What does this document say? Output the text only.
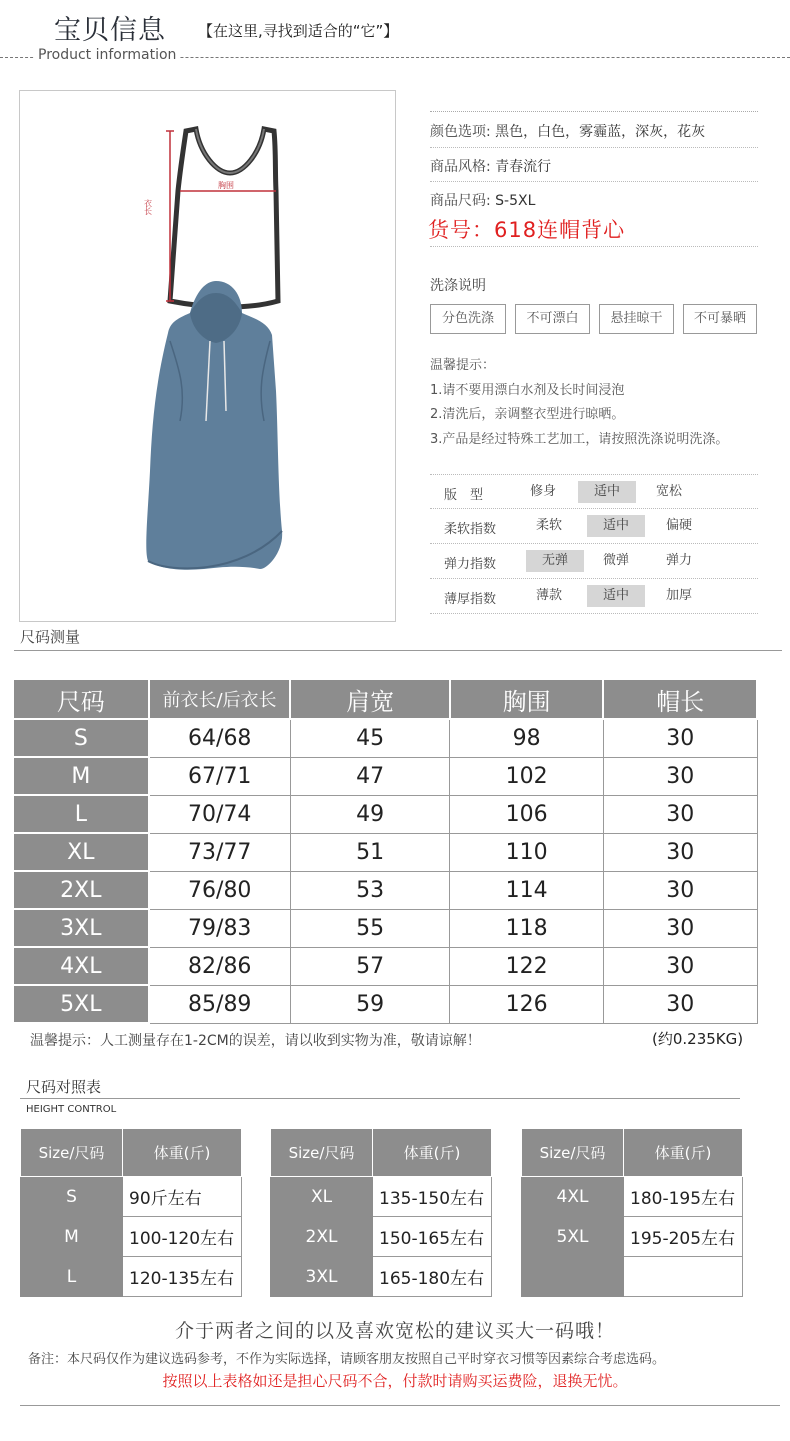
宝贝信息 【在这里,寻找到适合的“它”】
Product information
衣长
胸围
颜色选项: 黑色，白色，雾霾蓝，深灰，花灰
商品风格: 青春流行
商品尺码: S-5XL
货号：618连帽背心
洗涤说明
分色洗涤	不可漂白	悬挂晾干	不可暴晒
温馨提示：
1.请不要用漂白水剂及长时间浸泡
2.清洗后，亲调整衣型进行晾晒。
3.产品是经过特殊工艺加工，请按照洗涤说明洗涤。
版　型	修身	适中	宽松
柔软指数	柔软	适中	偏硬
弹力指数	无弹	微弹	弹力
薄厚指数	薄款	适中	加厚
尺码测量
尺码	前衣长/后衣长	肩宽	胸围	帽长
S	64/68	45	98	30
M	67/71	47	102	30
L	70/74	49	106	30
XL	73/77	51	110	30
2XL	76/80	53	114	30
3XL	79/83	55	118	30
4XL	82/86	57	122	30
5XL	85/89	59	126	30
温馨提示：人工测量存在1-2CM的误差，请以收到实物为准，敬请谅解！	(约0.235KG)
尺码对照表
HEIGHT CONTROL
Size/尺码	体重(斤)
S	90斤左右
M	100-120左右
L	120-135左右
Size/尺码	体重(斤)
XL	135-150左右
2XL	150-165左右
3XL	165-180左右
Size/尺码	体重(斤)
4XL	180-195左右
5XL	195-205左右

介于两者之间的以及喜欢宽松的建议买大一码哦！
备注：本尺码仅作为建议选码参考，不作为实际选择，请顾客朋友按照自己平时穿衣习惯等因素综合考虑选码。
按照以上表格如还是担心尺码不合，付款时请购买运费险，退换无忧。
